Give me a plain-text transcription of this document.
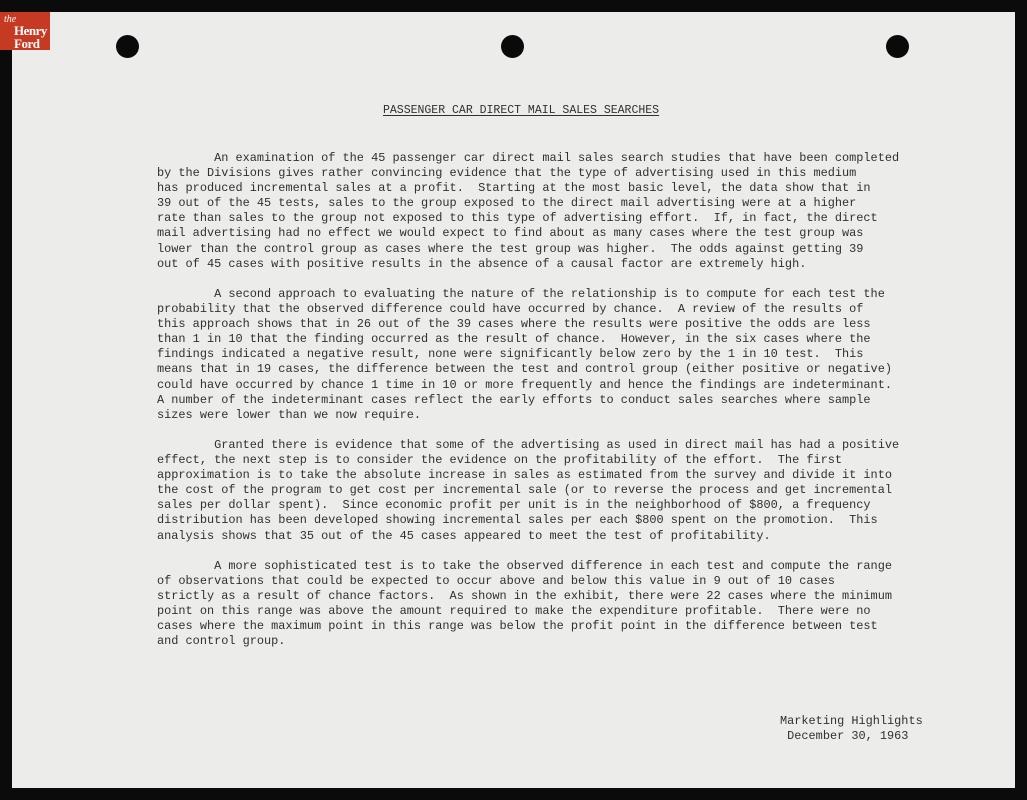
PASSENGER CAR DIRECT MAIL SALES SEARCHES
An examination of the 45 passenger car direct mail sales search studies that have been completed
by the Divisions gives rather convincing evidence that the type of advertising used in this medium
has produced incremental sales at a profit.  Starting at the most basic level, the data show that in
39 out of the 45 tests, sales to the group exposed to the direct mail advertising were at a higher
rate than sales to the group not exposed to this type of advertising effort.  If, in fact, the direct
mail advertising had no effect we would expect to find about as many cases where the test group was
lower than the control group as cases where the test group was higher.  The odds against getting 39
out of 45 cases with positive results in the absence of a causal factor are extremely high.
A second approach to evaluating the nature of the relationship is to compute for each test the
probability that the observed difference could have occurred by chance.  A review of the results of
this approach shows that in 26 out of the 39 cases where the results were positive the odds are less
than 1 in 10 that the finding occurred as the result of chance.  However, in the six cases where the
findings indicated a negative result, none were significantly below zero by the 1 in 10 test.  This
means that in 19 cases, the difference between the test and control group (either positive or negative)
could have occurred by chance 1 time in 10 or more frequently and hence the findings are indeterminant.
A number of the indeterminant cases reflect the early efforts to conduct sales searches where sample
sizes were lower than we now require.
Granted there is evidence that some of the advertising as used in direct mail has had a positive
effect, the next step is to consider the evidence on the profitability of the effort.  The first
approximation is to take the absolute increase in sales as estimated from the survey and divide it into
the cost of the program to get cost per incremental sale (or to reverse the process and get incremental
sales per dollar spent).  Since economic profit per unit is in the neighborhood of $800, a frequency
distribution has been developed showing incremental sales per each $800 spent on the promotion.  This
analysis shows that 35 out of the 45 cases appeared to meet the test of profitability.
A more sophisticated test is to take the observed difference in each test and compute the range
of observations that could be expected to occur above and below this value in 9 out of 10 cases
strictly as a result of chance factors.  As shown in the exhibit, there were 22 cases where the minimum
point on this range was above the amount required to make the expenditure profitable.  There were no
cases where the maximum point in this range was below the profit point in the difference between test
and control group.
Marketing Highlights
December 30, 1963
the
Henry
Ford
